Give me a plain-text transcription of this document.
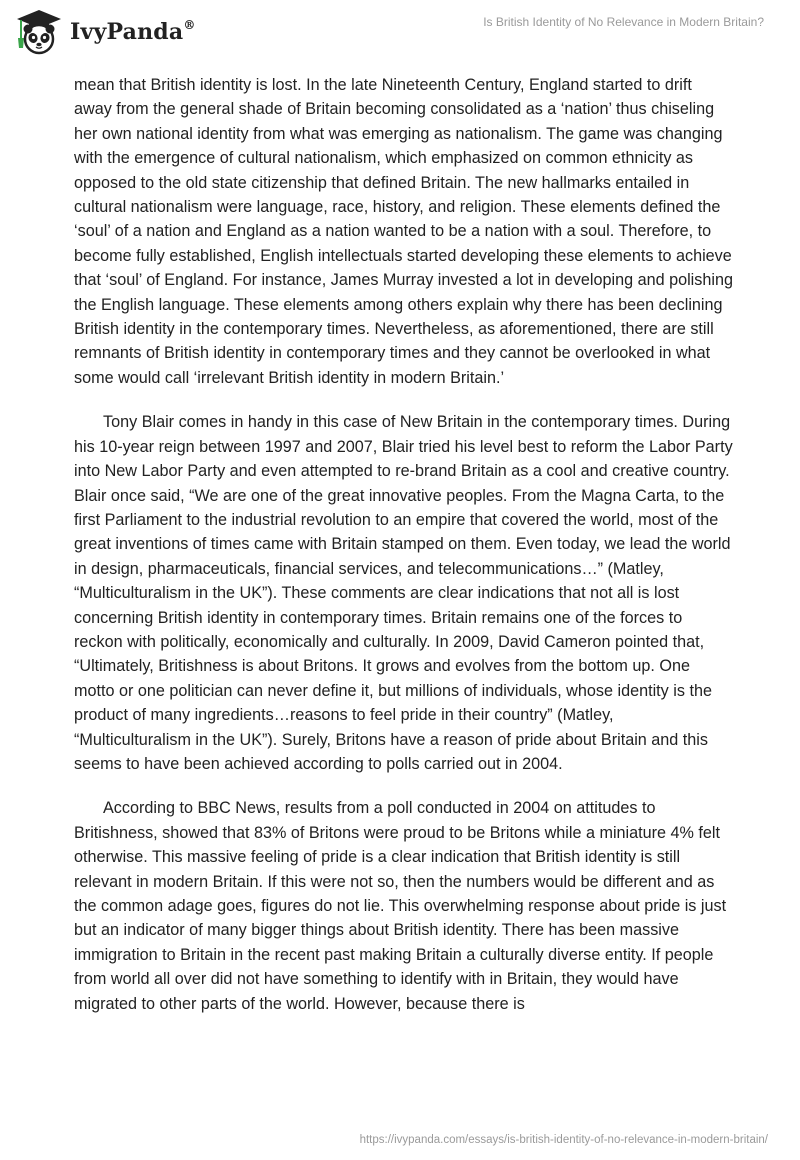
IvyPanda®	Is British Identity of No Relevance in Modern Britain?

mean that British identity is lost. In the late Nineteenth Century, England started to drift away from the general shade of Britain becoming consolidated as a ‘nation’ thus chiseling her own national identity from what was emerging as nationalism. The game was changing with the emergence of cultural nationalism, which emphasized on common ethnicity as opposed to the old state citizenship that defined Britain. The new hallmarks entailed in cultural nationalism were language, race, history, and religion. These elements defined the ‘soul’ of a nation and England as a nation wanted to be a nation with a soul. Therefore, to become fully established, English intellectuals started developing these elements to achieve that ‘soul’ of England. For instance, James Murray invested a lot in developing and polishing the English language. These elements among others explain why there has been declining British identity in the contemporary times. Nevertheless, as aforementioned, there are still remnants of British identity in contemporary times and they cannot be overlooked in what some would call ‘irrelevant British identity in modern Britain.’

Tony Blair comes in handy in this case of New Britain in the contemporary times. During his 10-year reign between 1997 and 2007, Blair tried his level best to reform the Labor Party into New Labor Party and even attempted to re-brand Britain as a cool and creative country. Blair once said, “We are one of the great innovative peoples. From the Magna Carta, to the first Parliament to the industrial revolution to an empire that covered the world, most of the great inventions of times came with Britain stamped on them. Even today, we lead the world in design, pharmaceuticals, financial services, and telecommunications…” (Matley, “Multiculturalism in the UK”). These comments are clear indications that not all is lost concerning British identity in contemporary times. Britain remains one of the forces to reckon with politically, economically and culturally. In 2009, David Cameron pointed that, “Ultimately, Britishness is about Britons. It grows and evolves from the bottom up. One motto or one politician can never define it, but millions of individuals, whose identity is the product of many ingredients…reasons to feel pride in their country” (Matley, “Multiculturalism in the UK”). Surely, Britons have a reason of pride about Britain and this seems to have been achieved according to polls carried out in 2004.

According to BBC News, results from a poll conducted in 2004 on attitudes to Britishness, showed that 83% of Britons were proud to be Britons while a miniature 4% felt otherwise. This massive feeling of pride is a clear indication that British identity is still relevant in modern Britain. If this were not so, then the numbers would be different and as the common adage goes, figures do not lie. This overwhelming response about pride is just but an indicator of many bigger things about British identity. There has been massive immigration to Britain in the recent past making Britain a culturally diverse entity. If people from world all over did not have something to identify with in Britain, they would have migrated to other parts of the world. However, because there is

https://ivypanda.com/essays/is-british-identity-of-no-relevance-in-modern-britain/
